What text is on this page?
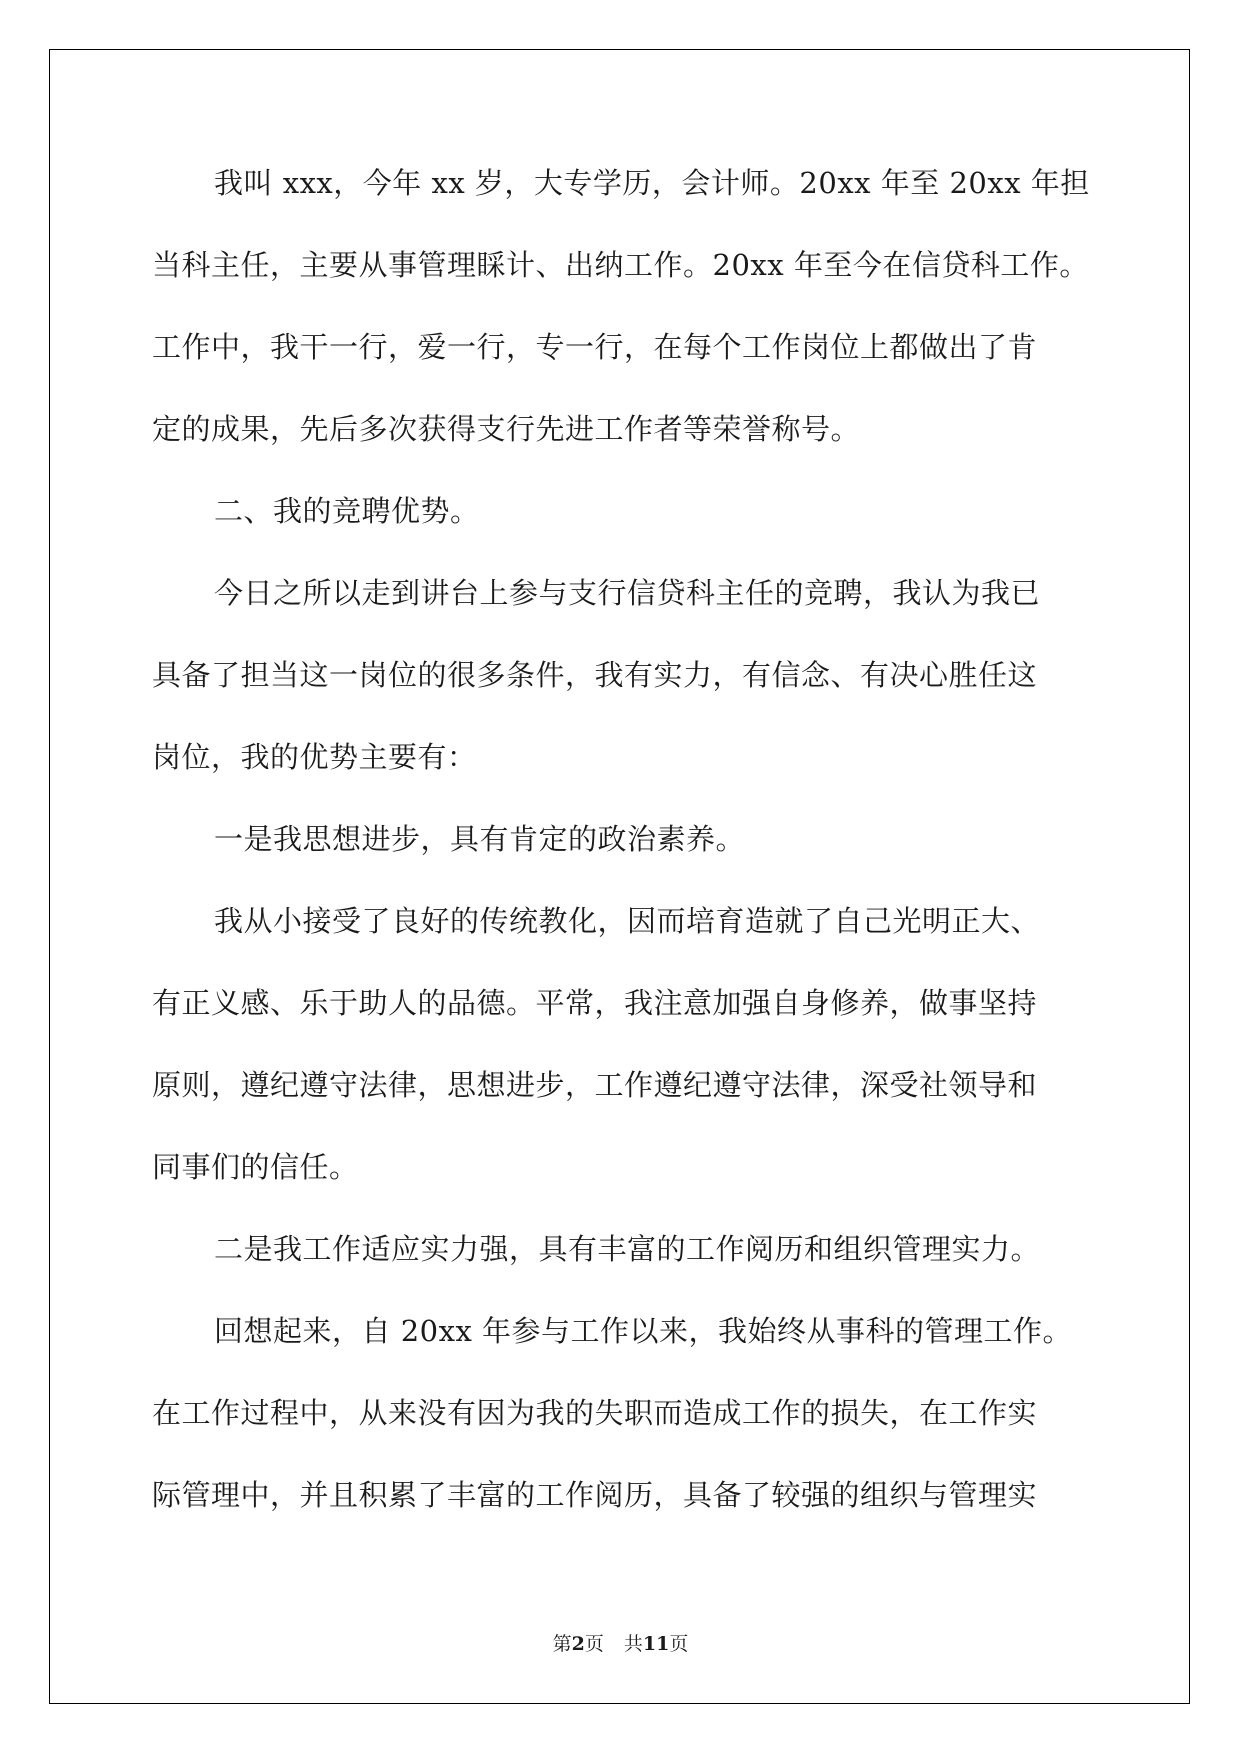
我叫 xxx，今年 xx 岁，大专学历，会计师。20xx 年至 20xx 年担
当科主任，主要从事管理睬计、出纳工作。20xx 年至今在信贷科工作。
工作中，我干一行，爱一行，专一行，在每个工作岗位上都做出了肯
定的成果，先后多次获得支行先进工作者等荣誉称号。
二、我的竞聘优势。
今日之所以走到讲台上参与支行信贷科主任的竞聘，我认为我已
具备了担当这一岗位的很多条件，我有实力，有信念、有决心胜任这
岗位，我的优势主要有：
一是我思想进步，具有肯定的政治素养。
我从小接受了良好的传统教化，因而培育造就了自己光明正大、
有正义感、乐于助人的品德。平常，我注意加强自身修养，做事坚持
原则，遵纪遵守法律，思想进步，工作遵纪遵守法律，深受社领导和
同事们的信任。
二是我工作适应实力强，具有丰富的工作阅历和组织管理实力。
回想起来，自 20xx 年参与工作以来，我始终从事科的管理工作。
在工作过程中，从来没有因为我的失职而造成工作的损失，在工作实
际管理中，并且积累了丰富的工作阅历，具备了较强的组织与管理实
第2页 共11页
